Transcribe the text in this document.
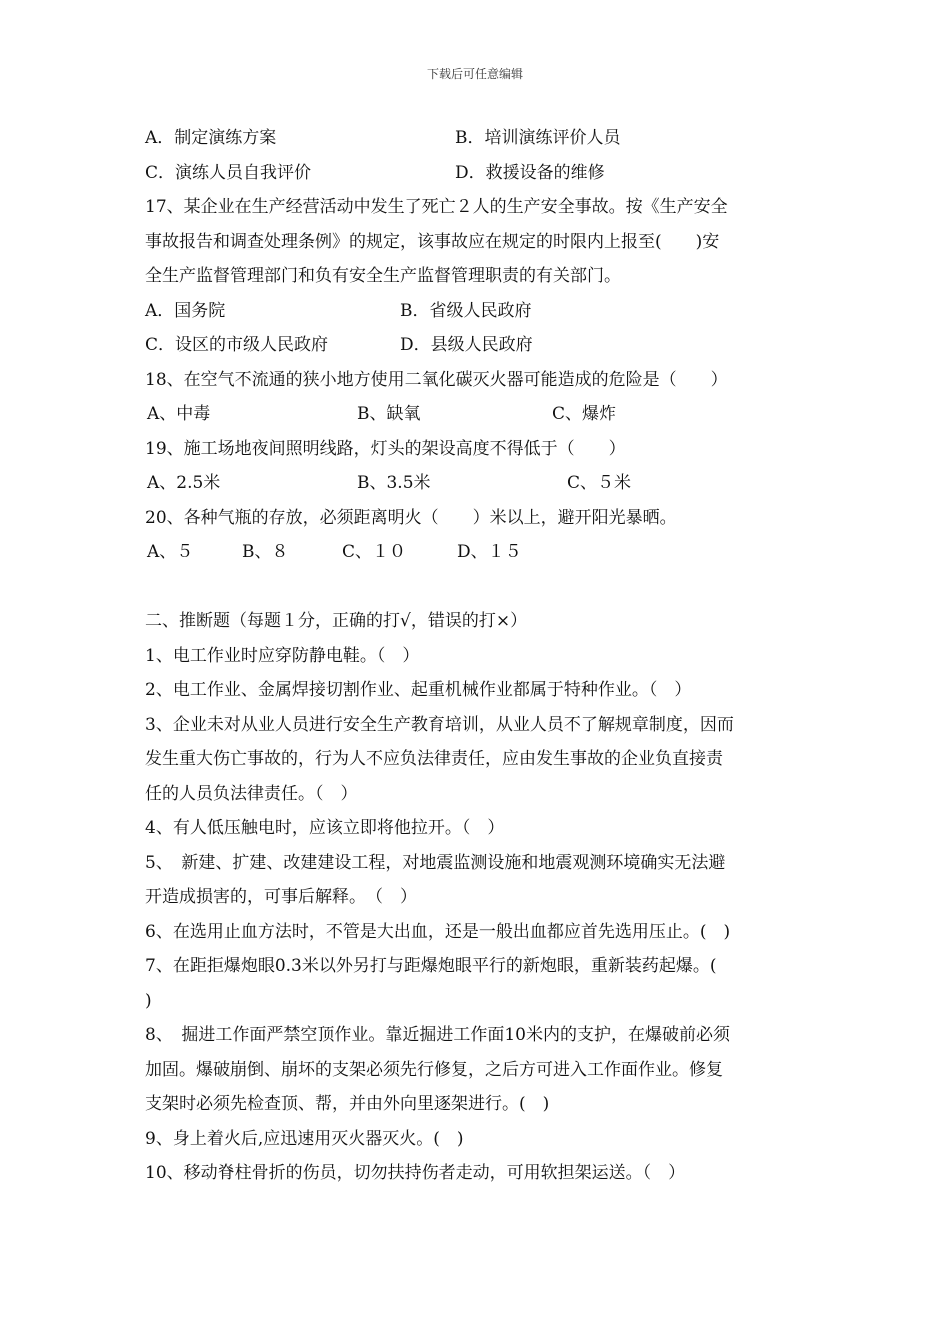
下载后可任意编辑
A．制定演练方案	B．培训演练评价人员
C．演练人员自我评价	D．救援设备的维修
17、某企业在生产经营活动中发生了死亡２人的生产安全事故。按《生产安全
事故报告和调查处理条例》的规定，该事故应在规定的时限内上报至(　　)安
全生产监督管理部门和负有安全生产监督管理职责的有关部门。
A．国务院	B．省级人民政府
C．设区的市级人民政府	D．县级人民政府
18、在空气不流通的狭小地方使用二氧化碳灭火器可能造成的危险是（　　）
A、中毒	B、缺氧	C、爆炸
19、施工场地夜间照明线路，灯头的架设高度不得低于（　　）
A、2.5米	B、3.5米	C、５米
20、各种气瓶的存放，必须距离明火（　　）米以上，避开阳光暴晒。
A、５	B、８	C、１０	D、１５
二、推断题（每题１分，正确的打√，错误的打×）
1、电工作业时应穿防静电鞋。（　）
2、电工作业、金属焊接切割作业、起重机械作业都属于特种作业。（　）
3、企业未对从业人员进行安全生产教育培训，从业人员不了解规章制度，因而
发生重大伤亡事故的，行为人不应负法律责任，应由发生事故的企业负直接责
任的人员负法律责任。（　）
4、有人低压触电时，应该立即将他拉开。（　）
5、　新建、扩建、改建建设工程，对地震监测设施和地震观测环境确实无法避
开造成损害的，可事后解释。　（　）
6、在选用止血方法时，不管是大出血，还是一般出血都应首先选用压止。(　)
7、在距拒爆炮眼0.3米以外另打与距爆炮眼平行的新炮眼，重新装药起爆。(
)
8、　掘进工作面严禁空顶作业。靠近掘进工作面10米内的支护，在爆破前必须
加固。爆破崩倒、崩坏的支架必须先行修复，之后方可进入工作面作业。修复
支架时必须先检查顶、帮，并由外向里逐架进行。(　)
9、身上着火后,应迅速用灭火器灭火。(　)
10、移动脊柱骨折的伤员，切勿扶持伤者走动，可用软担架运送。（　）
